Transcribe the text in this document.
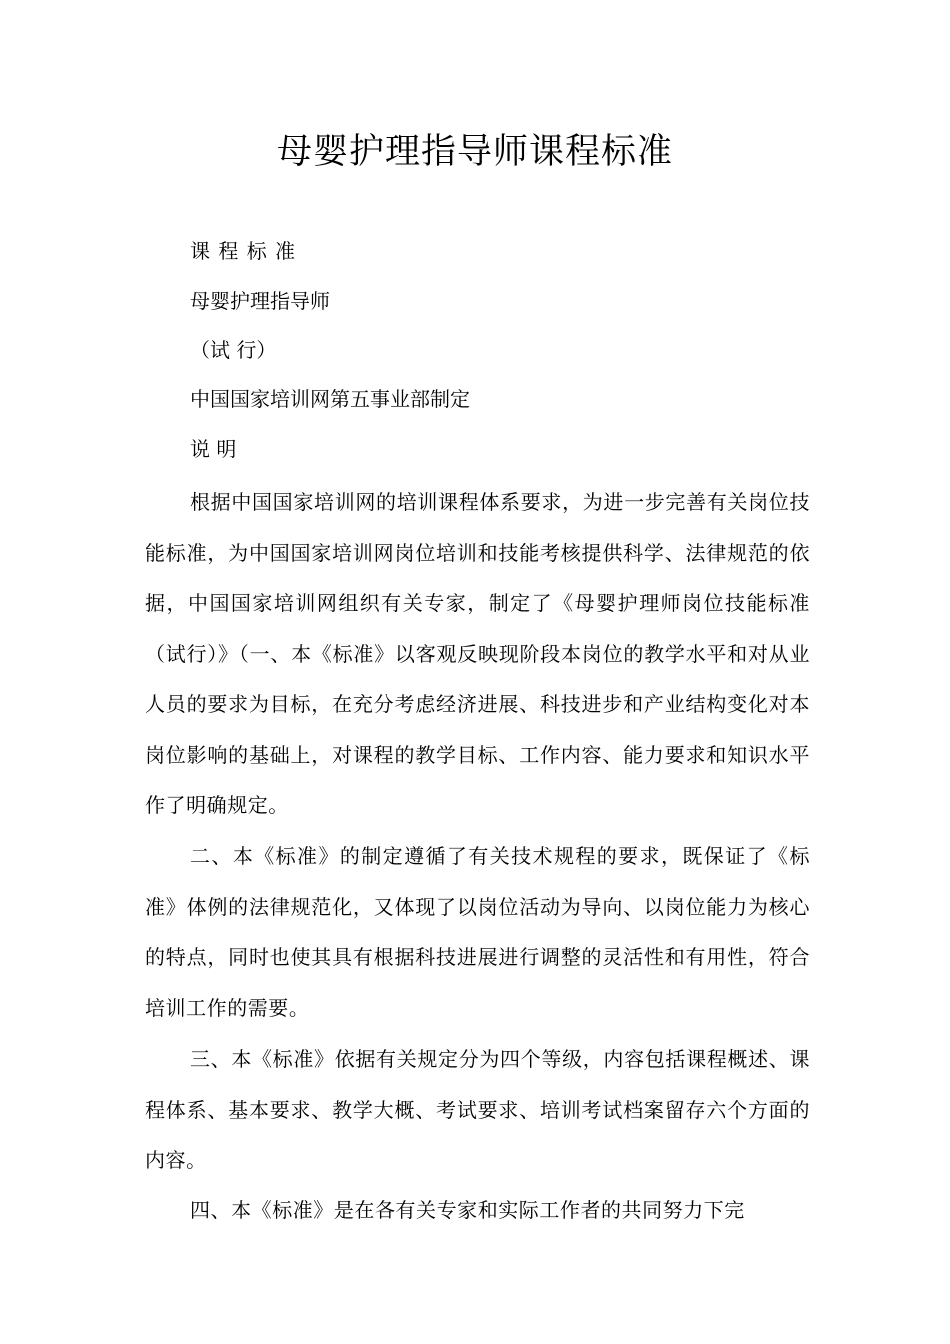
母婴护理指导师课程标准

课 程 标 准

母婴护理指导师

（试 行）

中国国家培训网第五事业部制定

说 明

根据中国国家培训网的培训课程体系要求，为进一步完善有关岗位技能标准，为中国国家培训网岗位培训和技能考核提供科学、法律规范的依据，中国国家培训网组织有关专家，制定了《母婴护理师岗位技能标准（试行）》（一、本《标准》以客观反映现阶段本岗位的教学水平和对从业人员的要求为目标，在充分考虑经济进展、科技进步和产业结构变化对本岗位影响的基础上，对课程的教学目标、工作内容、能力要求和知识水平作了明确规定。

二、本《标准》的制定遵循了有关技术规程的要求，既保证了《标准》体例的法律规范化，又体现了以岗位活动为导向、以岗位能力为核心的特点，同时也使其具有根据科技进展进行调整的灵活性和有用性，符合培训工作的需要。

三、本《标准》依据有关规定分为四个等级，内容包括课程概述、课程体系、基本要求、教学大概、考试要求、培训考试档案留存六个方面的内容。

四、本《标准》是在各有关专家和实际工作者的共同努力下完
